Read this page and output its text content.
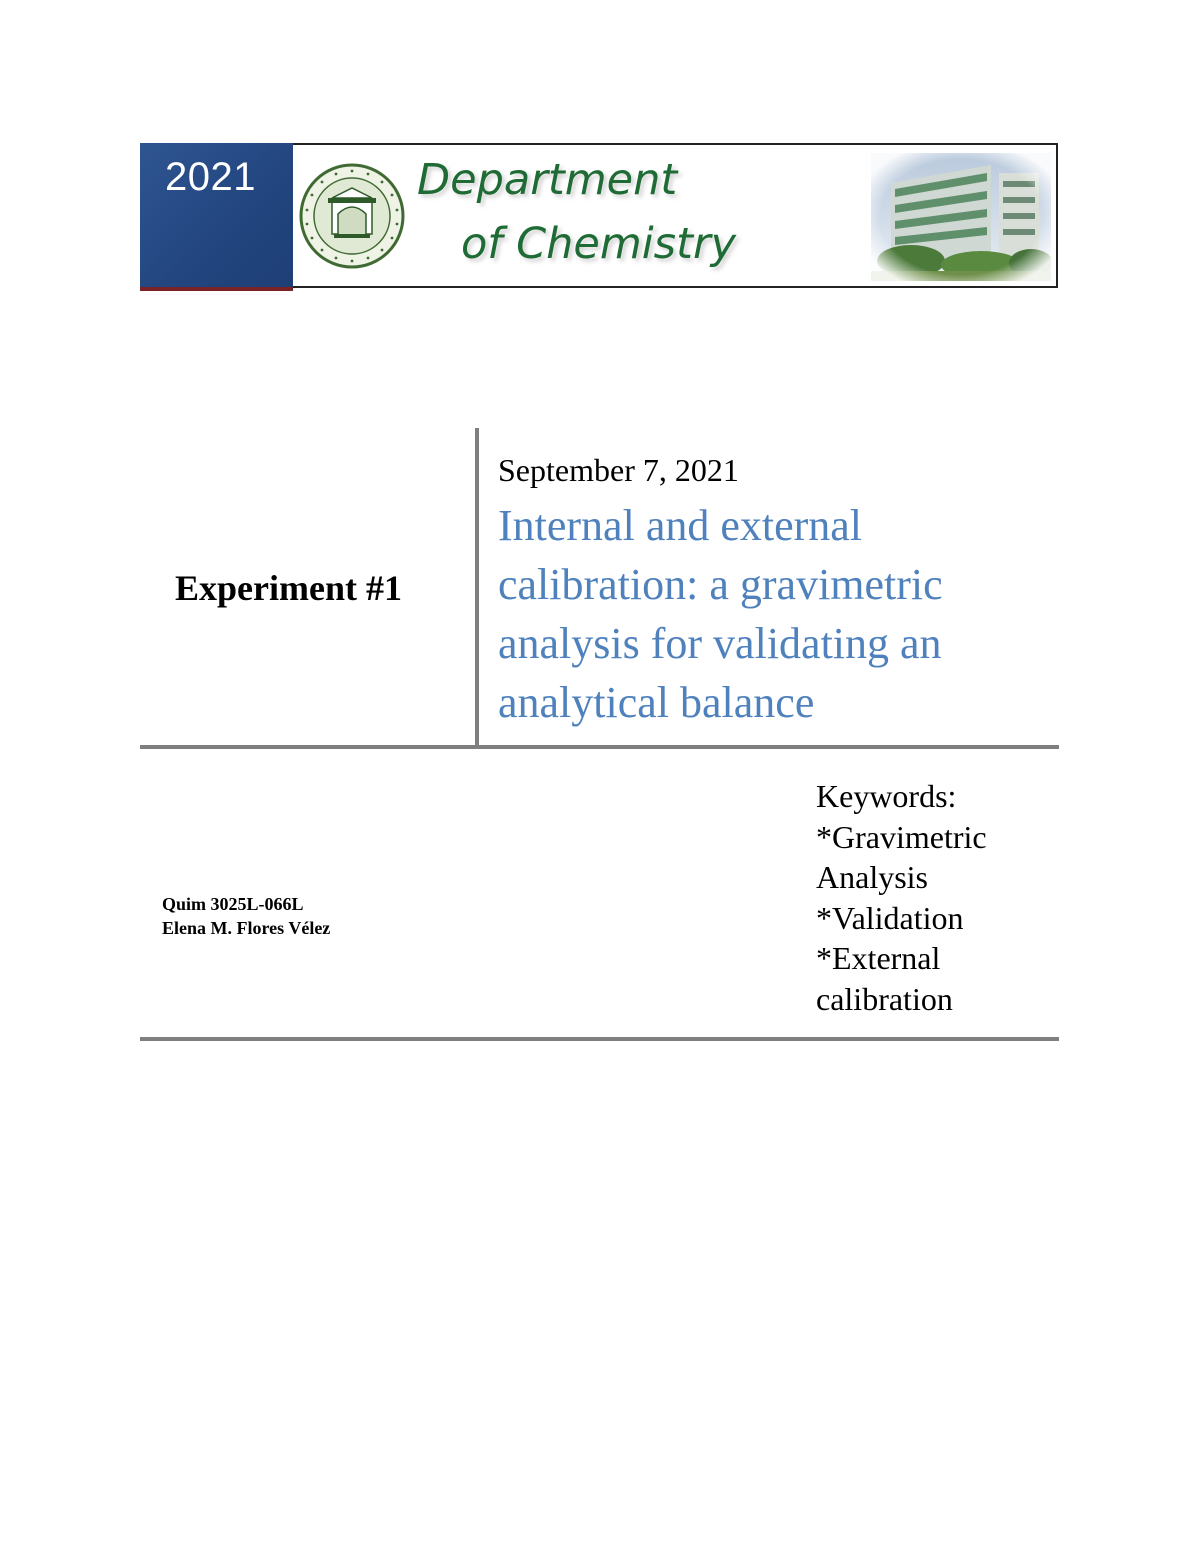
2021	Department
of Chemistry
Experiment #1
September 7, 2021
Internal and external
calibration: a gravimetric
analysis for validating an
analytical balance
Quim 3025L-066L
Elena M. Flores Vélez
Keywords:
*Gravimetric
Analysis
*Validation
*External
calibration
